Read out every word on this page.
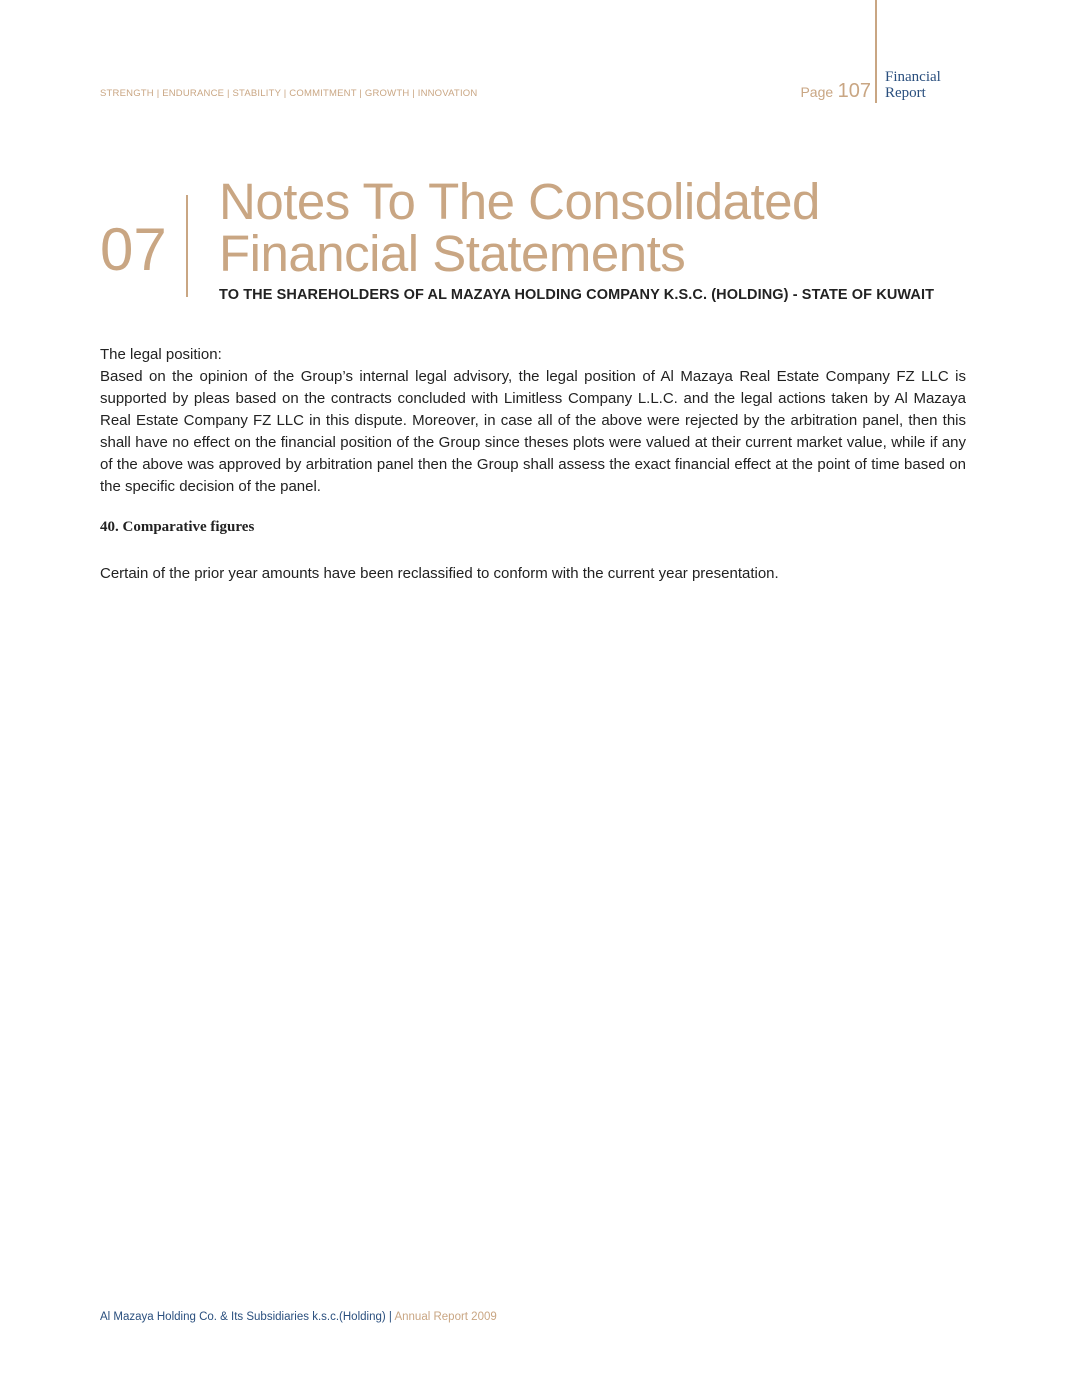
STRENGTH | ENDURANCE | STABILITY | COMMITMENT | GROWTH | INNOVATION	Page 107
Financial
Report
07
Notes To The Consolidated
Financial Statements
TO THE SHAREHOLDERS OF AL MAZAYA HOLDING COMPANY K.S.C. (HOLDING) - STATE OF KUWAIT
The legal position:
Based on the opinion of the Group’s internal legal advisory, the legal position of Al Mazaya Real Estate Company FZ LLC is supported by pleas based on the contracts concluded with Limitless Company L.L.C. and the legal actions taken by Al Mazaya Real Estate Company FZ LLC in this dispute. Moreover, in case all of the above were rejected by the arbitration panel, then this shall have no effect on the financial position of the Group since theses plots were valued at their current market value, while if any of the above was approved by arbitration panel then the Group shall assess the exact financial effect at the point of time based on the specific decision of the panel.
40. Comparative figures
Certain of the prior year amounts have been reclassified to conform with the current year presentation.
Al Mazaya Holding Co. & Its Subsidiaries k.s.c.(Holding) | Annual Report 2009
